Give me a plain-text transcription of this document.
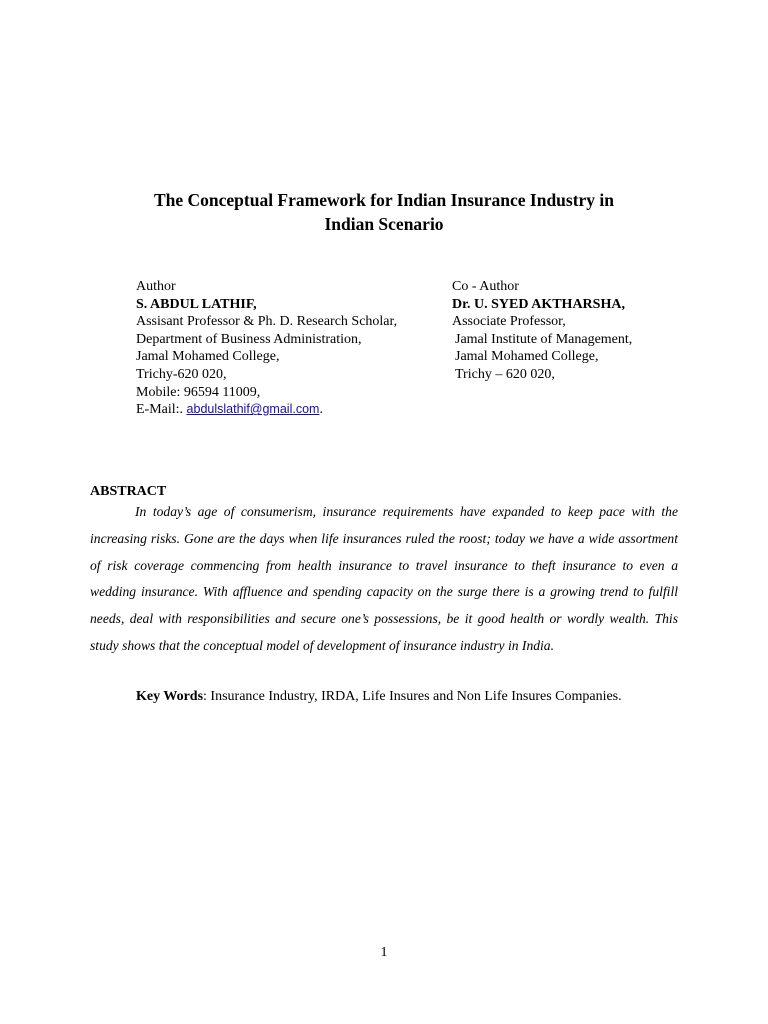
The Conceptual Framework for Indian Insurance Industry in
Indian Scenario
Author
S. ABDUL LATHIF,
Assisant Professor & Ph. D. Research Scholar,
Department of Business Administration,
Jamal Mohamed College,
Trichy-620 020,
Mobile: 96594 11009,
E-Mail:. abdulslathif@gmail.com.
Co - Author
Dr. U. SYED AKTHARSHA,
Associate Professor,
Jamal Institute of Management,
Jamal Mohamed College,
Trichy – 620 020,
ABSTRACT
In today’s age of consumerism, insurance requirements have expanded to keep pace with the increasing risks. Gone are the days when life insurances ruled the roost; today we have a wide assortment of risk coverage commencing from health insurance to travel insurance to theft insurance to even a wedding insurance. With affluence and spending capacity on the surge there is a growing trend to fulfill needs, deal with responsibilities and secure one’s possessions, be it good health or wordly wealth. This study shows that the conceptual model of development of insurance industry in India.
Key Words: Insurance Industry, IRDA, Life Insures and Non Life Insures Companies.
1
